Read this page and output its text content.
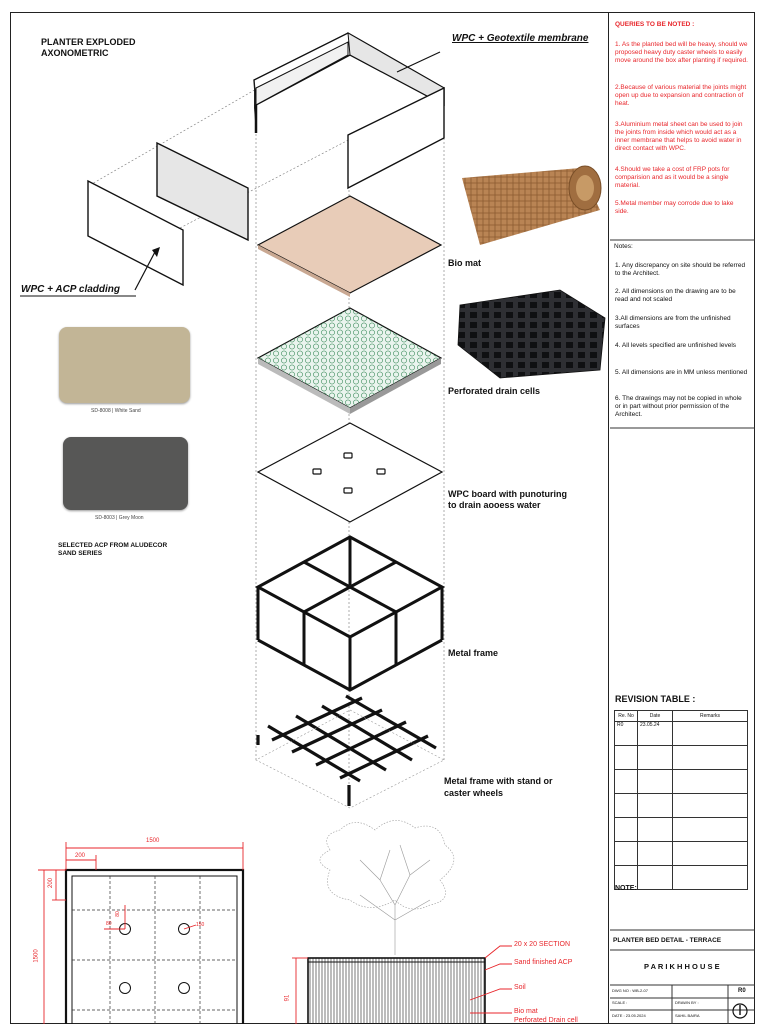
PLANTER EXPLODED
AXONOMETRIC
WPC + Geotextile membrane
WPC + ACP cladding
Bio mat
Perforated drain cells
WPC board with punoturing
to drain aooess water
Metal frame
Metal frame with stand or
caster wheels
SD-8008 | White Sand
SD-8003 | Grey Moon
SELECTED ACP FROM ALUDECOR
SAND SERIES
1500
200
200
1500
80
80	150
20 x 20 SECTION
Sand finished ACP
Soil
Bio mat
Perforated Drain cell
91
QUERIES TO BE NOTED :
1. As the planted bed will be heavy, should we proposed heavy duty caster wheels to easily move around the box after planting if required.
2.Because of various material the joints might open up due to expansion and contraction of heat.
3.Aluminium metal sheet can be used to join the joints from inside which would act as a inner membrane that helps to avoid water in direct contact with WPC.
4.Should we take a cost of FRP pots for comparision and as it would be a single material.
5.Metal member may corrode due to lake side.
Notes:
1. Any discrepancy on site should be referred to the Architect.
2. All dimensions on the drawing are to be read and not scaled
3.All dimensions are from the unfinished surfaces
4. All levels specified are unfinished levels
5. All dimensions are in MM unless mentioned
6. The drawings may not be copied in whole or in part without prior permission of the Architect.
REVISION TABLE :
Re. No	Date	Remarks
R0	23.05.24	

NOTE:
PLANTER BED DETAIL - TERRACE
P A R I K H H O U S E
DWG NO : WB-2-07	R0
SCALE :	DRAWN BY :
DATE : 23.05.2024	SAHIL BAIRA
